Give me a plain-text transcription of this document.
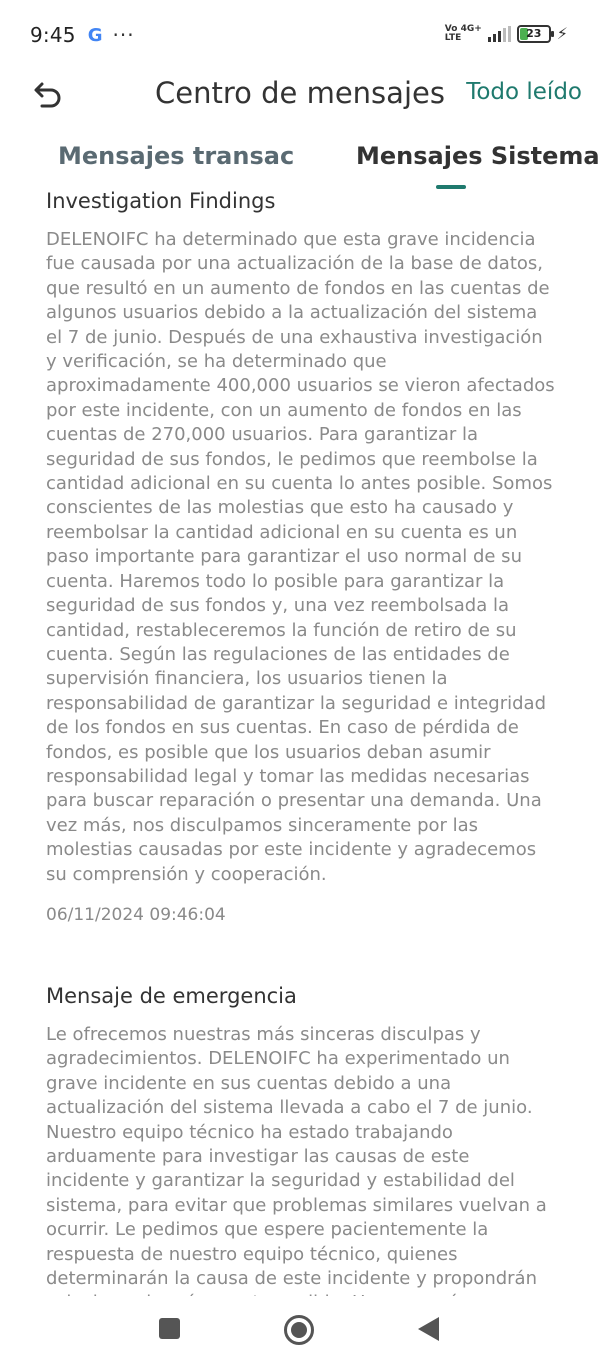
9:45 G ···	Vo 4G+
LTE	23 ⚡
Centro de mensajes Todo leído
Mensajes transac	Mensajes Sistema
Investigation Findings
DELENOIFC ha determinado que esta grave incidencia fue causada por una actualización de la base de datos, que resultó en un aumento de fondos en las cuentas de algunos usuarios debido a la actualización del sistema el 7 de junio. Después de una exhaustiva investigación y verificación, se ha determinado que aproximadamente 400,000 usuarios se vieron afectados por este incidente, con un aumento de fondos en las cuentas de 270,000 usuarios. Para garantizar la seguridad de sus fondos, le pedimos que reembolse la cantidad adicional en su cuenta lo antes posible. Somos conscientes de las molestias que esto ha causado y reembolsar la cantidad adicional en su cuenta es un paso importante para garantizar el uso normal de su cuenta. Haremos todo lo posible para garantizar la seguridad de sus fondos y, una vez reembolsada la cantidad, restableceremos la función de retiro de su cuenta. Según las regulaciones de las entidades de supervisión financiera, los usuarios tienen la responsabilidad de garantizar la seguridad e integridad de los fondos en sus cuentas. En caso de pérdida de fondos, es posible que los usuarios deban asumir responsabilidad legal y tomar las medidas necesarias para buscar reparación o presentar una demanda. Una vez más, nos disculpamos sinceramente por las molestias causadas por este incidente y agradecemos su comprensión y cooperación.
06/11/2024 09:46:04
Mensaje de emergencia
Le ofrecemos nuestras más sinceras disculpas y agradecimientos. DELENOIFC ha experimentado un grave incidente en sus cuentas debido a una actualización del sistema llevada a cabo el 7 de junio. Nuestro equipo técnico ha estado trabajando arduamente para investigar las causas de este incidente y garantizar la seguridad y estabilidad del sistema, para evitar que problemas similares vuelvan a ocurrir. Le pedimos que espere pacientemente la respuesta de nuestro equipo técnico, quienes determinarán la causa de este incidente y propondrán
